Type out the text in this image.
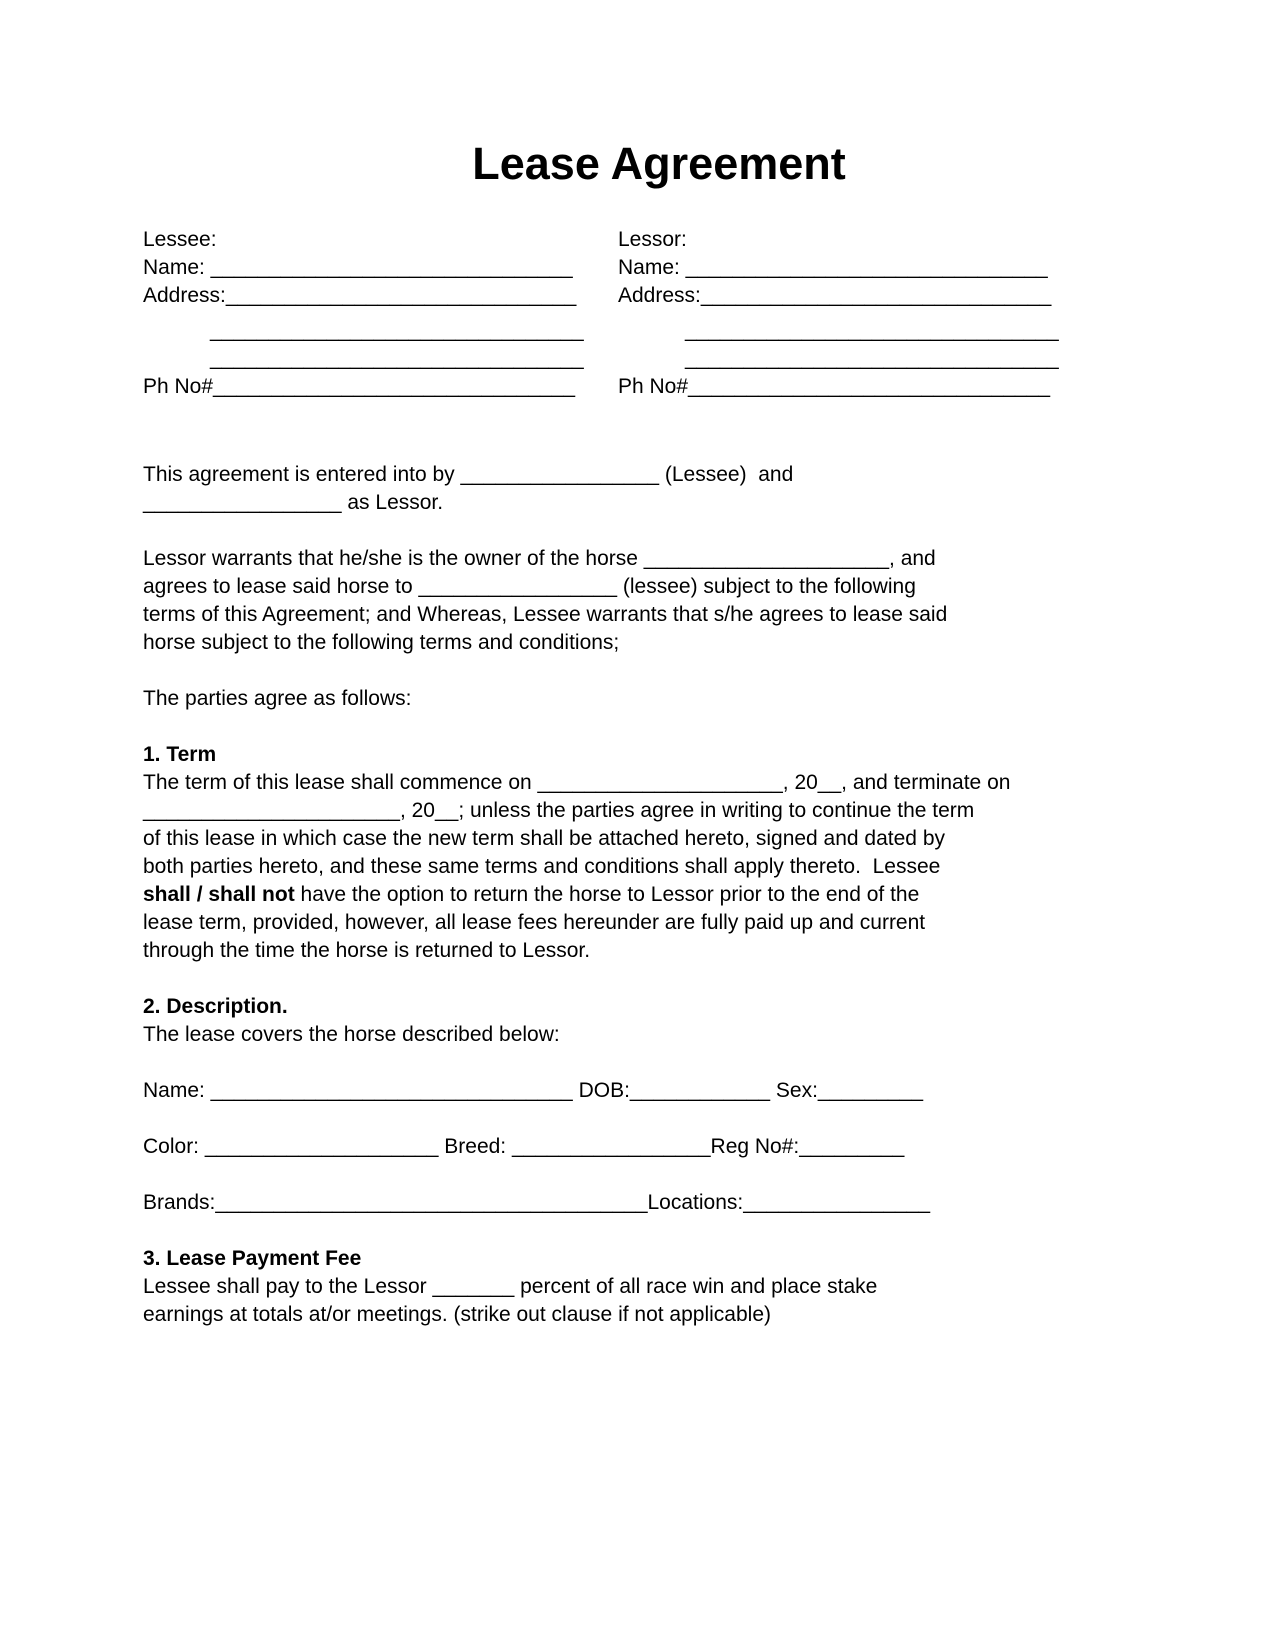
Lease Agreement
Lessee:
Name: _______________________________
Address:______________________________
________________________________
________________________________
Ph No#_______________________________
Lessor:
Name: _______________________________
Address:______________________________
________________________________
________________________________
Ph No#_______________________________
This agreement is entered into by _________________ (Lessee)  and
_________________ as Lessor.
Lessor warrants that he/she is the owner of the horse _____________________, and
agrees to lease said horse to _________________ (lessee) subject to the following
terms of this Agreement; and Whereas, Lessee warrants that s/he agrees to lease said
horse subject to the following terms and conditions;
The parties agree as follows:
1. Term
The term of this lease shall commence on _____________________, 20__, and terminate on
______________________, 20__; unless the parties agree in writing to continue the term
of this lease in which case the new term shall be attached hereto, signed and dated by
both parties hereto, and these same terms and conditions shall apply thereto.  Lessee
shall / shall not have the option to return the horse to Lessor prior to the end of the
lease term, provided, however, all lease fees hereunder are fully paid up and current
through the time the horse is returned to Lessor.
2. Description.
The lease covers the horse described below:
Name: _______________________________ DOB:____________ Sex:_________
Color: ____________________ Breed: _________________Reg No#:_________
Brands:_____________________________________Locations:________________
3. Lease Payment Fee
Lessee shall pay to the Lessor _______ percent of all race win and place stake
earnings at totals at/or meetings. (strike out clause if not applicable)
